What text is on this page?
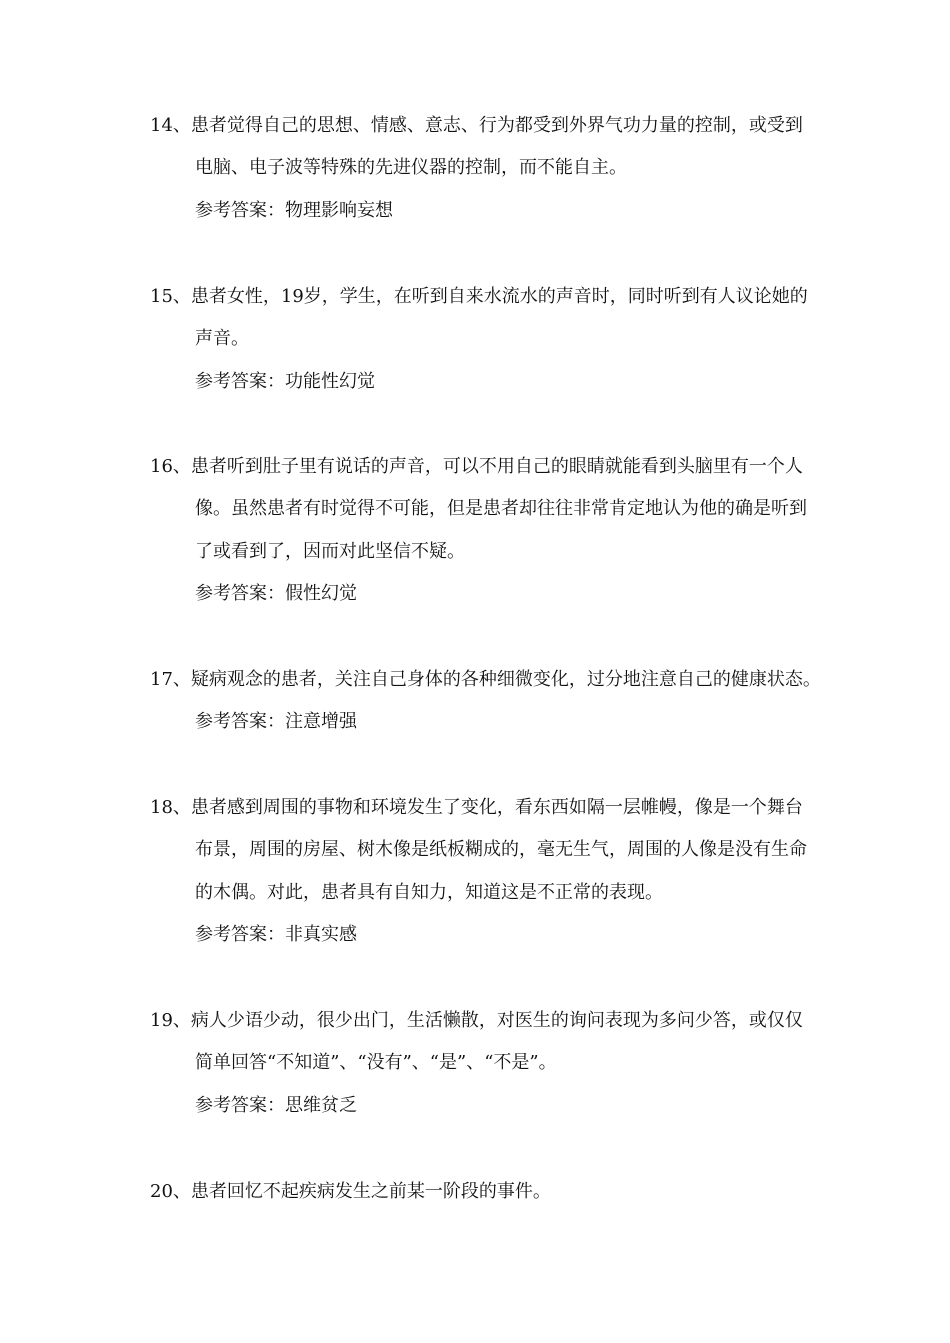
14、患者觉得自己的思想、情感、意志、行为都受到外界气功力量的控制，或受到
电脑、电子波等特殊的先进仪器的控制，而不能自主。
参考答案：物理影响妄想
15、患者女性，19岁，学生，在听到自来水流水的声音时，同时听到有人议论她的
声音。
参考答案：功能性幻觉
16、患者听到肚子里有说话的声音，可以不用自己的眼睛就能看到头脑里有一个人
像。虽然患者有时觉得不可能，但是患者却往往非常肯定地认为他的确是听到
了或看到了，因而对此坚信不疑。
参考答案：假性幻觉
17、疑病观念的患者，关注自己身体的各种细微变化，过分地注意自己的健康状态。
参考答案：注意增强
18、患者感到周围的事物和环境发生了变化，看东西如隔一层帷幔，像是一个舞台
布景，周围的房屋、树木像是纸板糊成的，毫无生气，周围的人像是没有生命
的木偶。对此，患者具有自知力，知道这是不正常的表现。
参考答案：非真实感
19、病人少语少动，很少出门，生活懒散，对医生的询问表现为多问少答，或仅仅
简单回答“不知道”、“没有”、“是”、“不是”。
参考答案：思维贫乏
20、患者回忆不起疾病发生之前某一阶段的事件。
